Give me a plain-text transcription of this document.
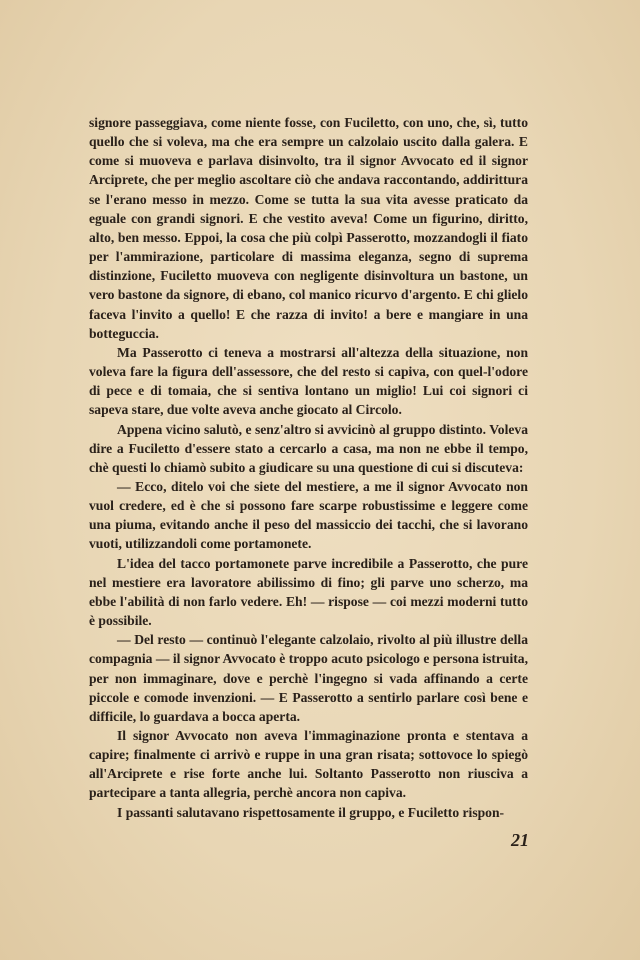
signore passeggiava, come niente fosse, con Fuciletto, con uno, che, sì, tutto quello che si voleva, ma che era sempre un calzolaio uscito dalla galera. E come si muoveva e parlava disinvolto, tra il signor Avvocato ed il signor Arciprete, che per meglio ascoltare ciò che andava raccontando, addirittura se l'erano messo in mezzo. Come se tutta la sua vita avesse praticato da eguale con grandi signori. E che vestito aveva! Come un figurino, diritto, alto, ben messo. Eppoi, la cosa che più colpì Passerotto, mozzandogli il fiato per l'ammirazione, particolare di massima eleganza, segno di suprema distinzione, Fuciletto muoveva con negligente disinvoltura un bastone, un vero bastone da signore, di ebano, col manico ricurvo d'argento. E chi glielo faceva l'invito a quello! E che razza di invito! a bere e mangiare in una botteguccia.

Ma Passerotto ci teneva a mostrarsi all'altezza della situazione, non voleva fare la figura dell'assessore, che del resto si capiva, con quel-l'odore di pece e di tomaia, che si sentiva lontano un miglio! Lui coi signori ci sapeva stare, due volte aveva anche giocato al Circolo.

Appena vicino salutò, e senz'altro si avvicinò al gruppo distinto. Voleva dire a Fuciletto d'essere stato a cercarlo a casa, ma non ne ebbe il tempo, chè questi lo chiamò subito a giudicare su una questione di cui si discuteva:

— Ecco, ditelo voi che siete del mestiere, a me il signor Avvocato non vuol credere, ed è che si possono fare scarpe robustissime e leggere come una piuma, evitando anche il peso del massiccio dei tacchi, che si lavorano vuoti, utilizzandoli come portamonete.

L'idea del tacco portamonete parve incredibile a Passerotto, che pure nel mestiere era lavoratore abilissimo di fino; gli parve uno scherzo, ma ebbe l'abilità di non farlo vedere. Eh! — rispose — coi mezzi moderni tutto è possibile.

— Del resto — continuò l'elegante calzolaio, rivolto al più illustre della compagnia — il signor Avvocato è troppo acuto psicologo e persona istruita, per non immaginare, dove e perchè l'ingegno si vada affinando a certe piccole e comode invenzioni. — E Passerotto a sentirlo parlare così bene e difficile, lo guardava a bocca aperta.

Il signor Avvocato non aveva l'immaginazione pronta e stentava a capire; finalmente ci arrivò e ruppe in una gran risata; sottovoce lo spiegò all'Arciprete e rise forte anche lui. Soltanto Passerotto non riusciva a partecipare a tanta allegria, perchè ancora non capiva.

I passanti salutavano rispettosamente il gruppo, e Fuciletto rispon-

21
